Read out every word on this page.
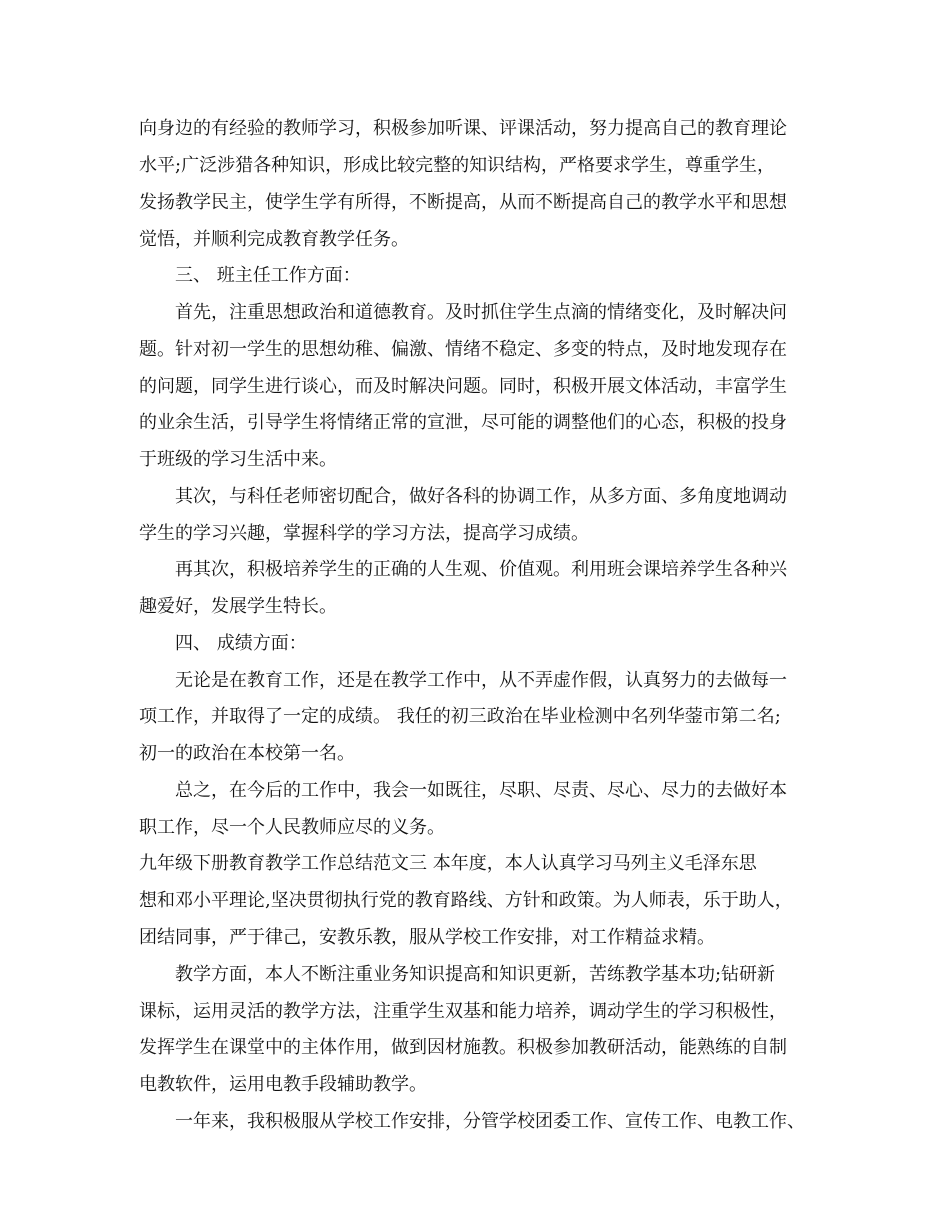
向身边的有经验的教师学习，积极参加听课、评课活动，努力提高自己的教育理论
水平;广泛涉猎各种知识，形成比较完整的知识结构，严格要求学生，尊重学生，
发扬教学民主，使学生学有所得，不断提高，从而不断提高自己的教学水平和思想
觉悟，并顺利完成教育教学任务。
三、 班主任工作方面：
首先，注重思想政治和道德教育。及时抓住学生点滴的情绪变化，及时解决问
题。针对初一学生的思想幼稚、偏激、情绪不稳定、多变的特点，及时地发现存在
的问题，同学生进行谈心，而及时解决问题。同时，积极开展文体活动，丰富学生
的业余生活，引导学生将情绪正常的宣泄，尽可能的调整他们的心态，积极的投身
于班级的学习生活中来。
其次，与科任老师密切配合，做好各科的协调工作，从多方面、多角度地调动
学生的学习兴趣，掌握科学的学习方法，提高学习成绩。
再其次，积极培养学生的正确的人生观、价值观。利用班会课培养学生各种兴
趣爱好，发展学生特长。
四、 成绩方面：
无论是在教育工作，还是在教学工作中，从不弄虚作假，认真努力的去做每一
项工作，并取得了一定的成绩。 我任的初三政治在毕业检测中名列华蓥市第二名;
初一的政治在本校第一名。
总之，在今后的工作中，我会一如既往，尽职、尽责、尽心、尽力的去做好本
职工作，尽一个人民教师应尽的义务。
九年级下册教育教学工作总结范文三 本年度，本人认真学习马列主义毛泽东思
想和邓小平理论,坚决贯彻执行党的教育路线、方针和政策。为人师表，乐于助人，
团结同事，严于律己，安教乐教，服从学校工作安排，对工作精益求精。
教学方面，本人不断注重业务知识提高和知识更新，苦练教学基本功;钻研新
课标，运用灵活的教学方法，注重学生双基和能力培养，调动学生的学习积极性，
发挥学生在课堂中的主体作用，做到因材施教。积极参加教研活动，能熟练的自制
电教软件，运用电教手段辅助教学。
一年来，我积极服从学校工作安排，分管学校团委工作、宣传工作、电教工作、
